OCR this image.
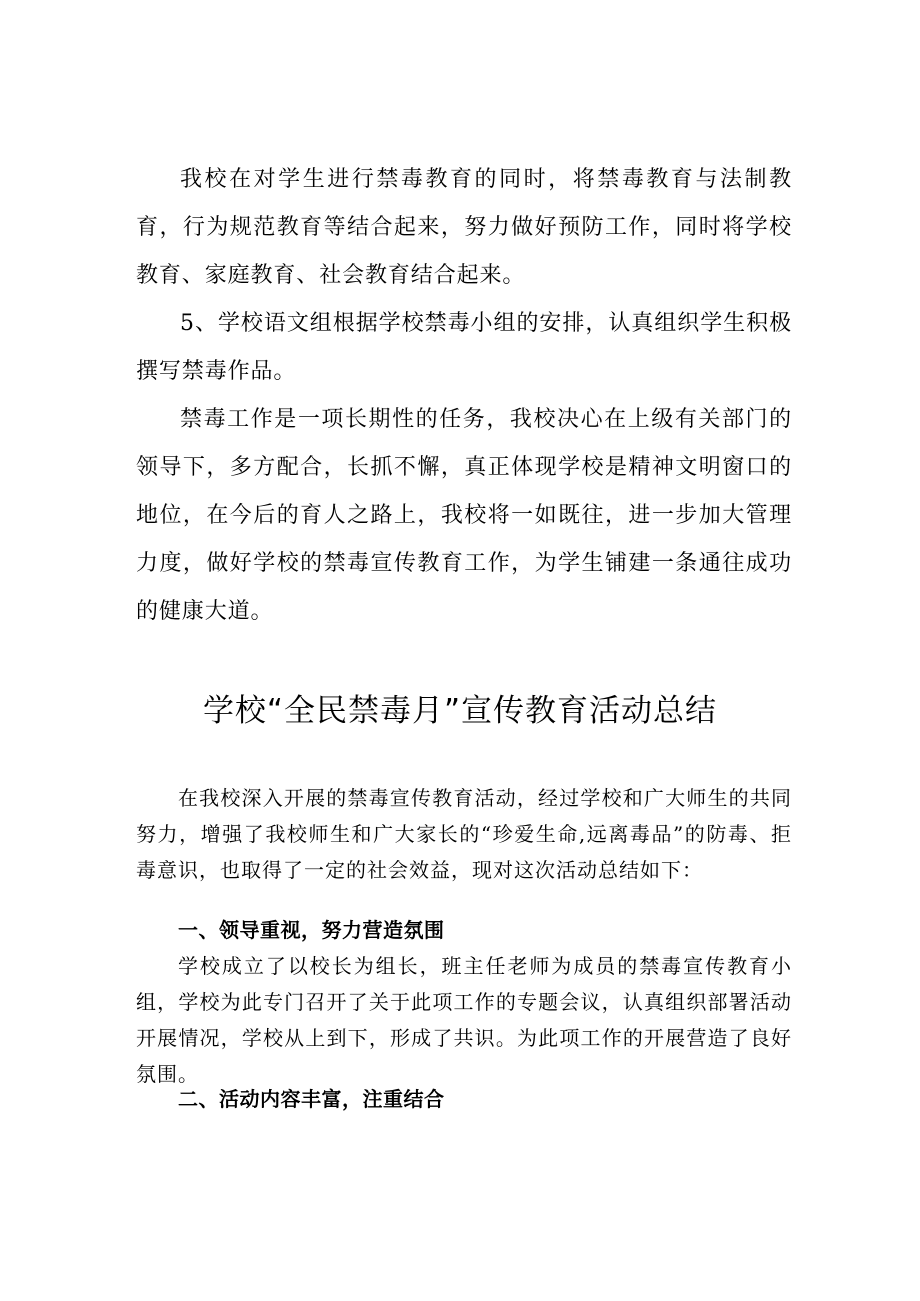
我校在对学生进行禁毒教育的同时，将禁毒教育与法制教育，行为规范教育等结合起来，努力做好预防工作，同时将学校教育、家庭教育、社会教育结合起来。

5、学校语文组根据学校禁毒小组的安排，认真组织学生积极撰写禁毒作品。

禁毒工作是一项长期性的任务，我校决心在上级有关部门的领导下，多方配合，长抓不懈，真正体现学校是精神文明窗口的地位，在今后的育人之路上，我校将一如既往，进一步加大管理力度，做好学校的禁毒宣传教育工作，为学生铺建一条通往成功的健康大道。

学校“全民禁毒月”宣传教育活动总结

在我校深入开展的禁毒宣传教育活动，经过学校和广大师生的共同努力，增强了我校师生和广大家长的“珍爱生命,远离毒品”的防毒、拒毒意识，也取得了一定的社会效益，现对这次活动总结如下：

一、领导重视，努力营造氛围

学校成立了以校长为组长，班主任老师为成员的禁毒宣传教育小组，学校为此专门召开了关于此项工作的专题会议，认真组织部署活动开展情况，学校从上到下，形成了共识。为此项工作的开展营造了良好氛围。

二、活动内容丰富，注重结合
